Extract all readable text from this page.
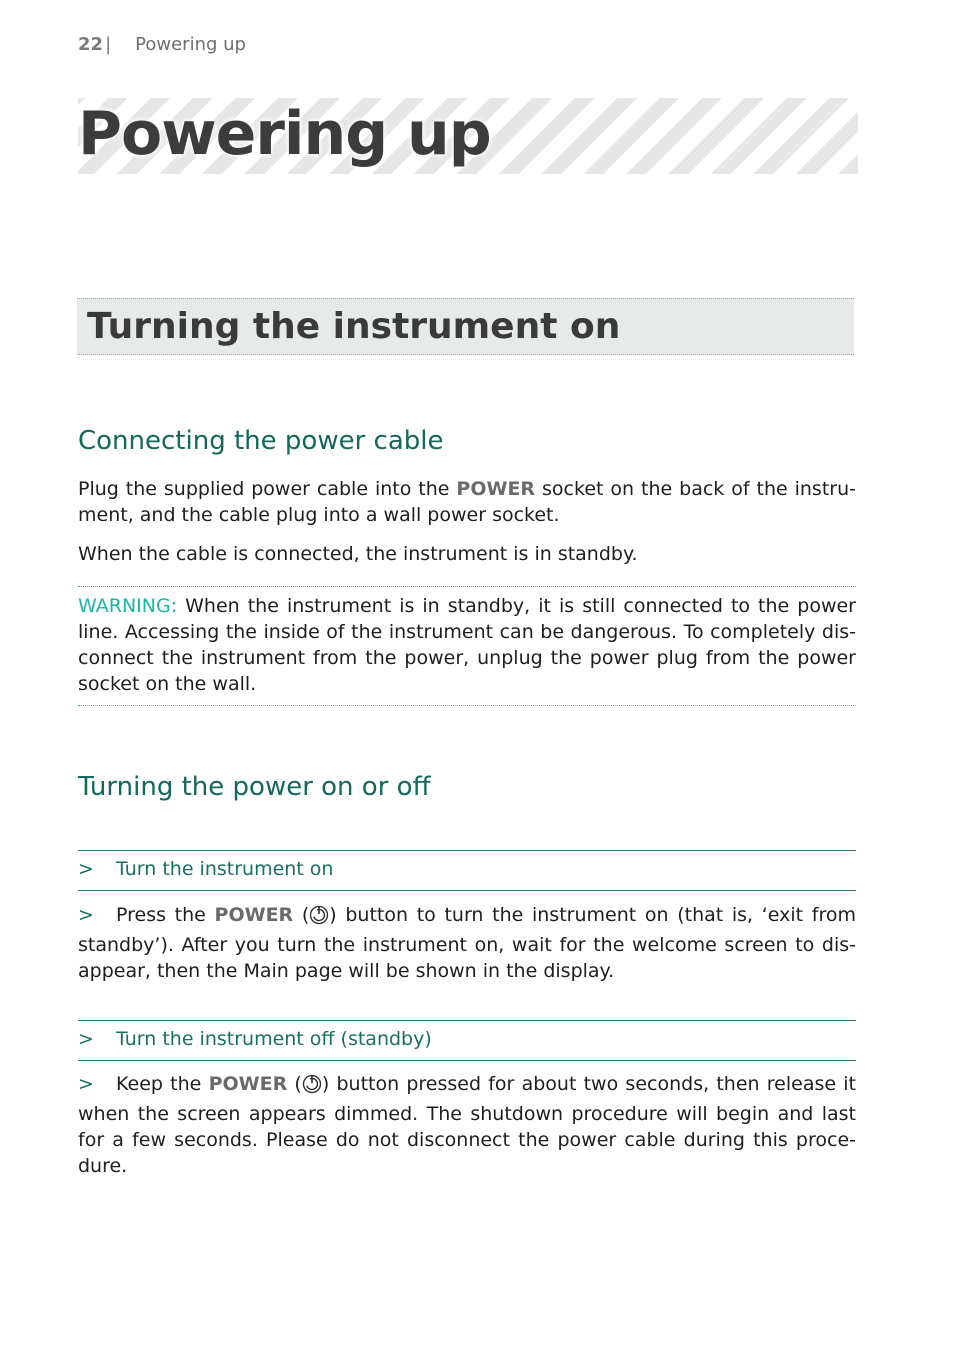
22 | Powering up
Powering up
Turning the instrument on
Connecting the power cable
Plug the supplied power cable into the POWER socket on the back of the instru-ment, and the cable plug into a wall power socket.
When the cable is connected, the instrument is in standby.
WARNING: When the instrument is in standby, it is still connected to the power line. Accessing the inside of the instrument can be dangerous. To completely dis-connect the instrument from the power, unplug the power plug from the power socket on the wall.
Turning the power on or off
> Turn the instrument on
> Press the POWER ( ) button to turn the instrument on (that is, ‘exit from standby’). After you turn the instrument on, wait for the welcome screen to dis-appear, then the Main page will be shown in the display.
> Turn the instrument off (standby)
> Keep the POWER ( ) button pressed for about two seconds, then release it when the screen appears dimmed. The shutdown procedure will begin and last for a few seconds. Please do not disconnect the power cable during this proce-dure.
